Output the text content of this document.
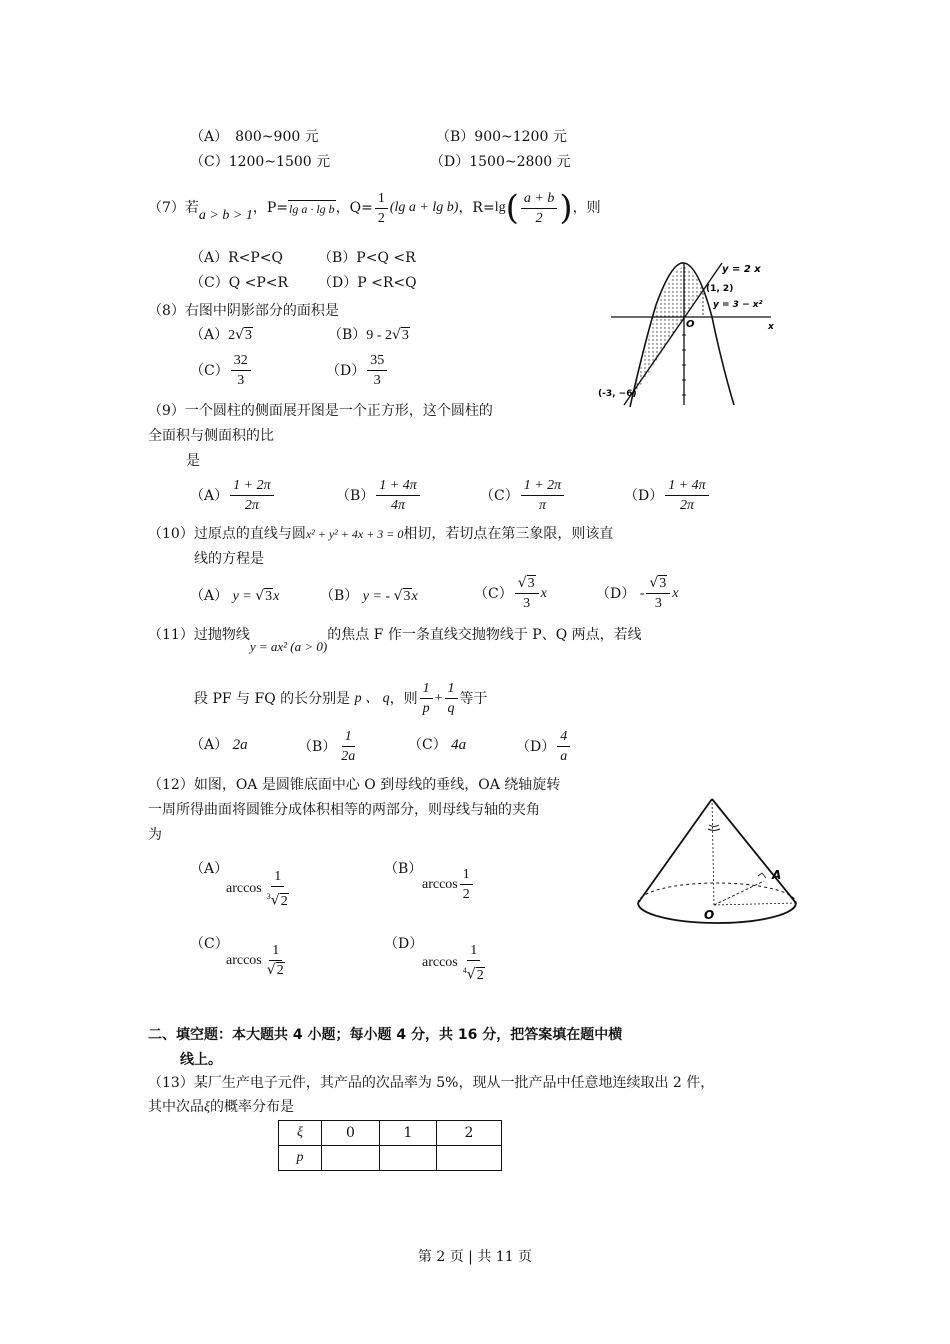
（A）　800~900 元	（B）900~1200 元
（C）1200~1500 元	（D）1500~2800 元
（7）若 a > b > 1 ，P= lg a · lg b ，$Q= \frac{1}{2} (\lg$ a + lg b) ，R= lg ( $\frac{a + b}{2}$ ) ，则
（A）R<P<Q （B）P<Q <R
（C）Q <P<R （D）P <R<Q
（8）右图中阴影部分的面积是
（A）2√3	（B）9 - 2√3
$(C) \frac{32}{3}$	$(D) \frac{35}{3}$
y = 2 x
(1, 2)
y = 3 − x²
x
O
(-3, −6)
（9）一个圆柱的侧面展开图是一个正方形，这个圆柱的
全面积与侧面积的比
是
$(A) \frac{1 + 2\pi}{2\pi}$	$(B) \frac{1 + 4\pi}{4\pi}$	$(C) \frac{1 + 2\pi}{\pi}$	$(D) \frac{1 + 4\pi}{2\pi}$
（10）过原点的直线与圆x² + y² + 4x + 3 = 0相切，若切点在第三象限，则该直
线的方程是
（A） y = √3x	（B） y = - √3x	$(C) \frac{√3}{3}$ x	（D）
- $\frac{√3}{3}$ x
（11）过抛物线y = ax² (a > 0)的焦点 F 作一条直线交抛物线于 P、Q 两点，若线
段 PF 与 FQ 的长分别是
p 、 q ，则 $\frac{1}{p} + \frac{1}{q}$ 等于
（A） 2a	$(B) \frac{1}{2a}$	（C） 4a	$(D) \frac{4}{a}$
（12）如图，OA 是圆锥底面中心 O 到母线的垂线，OA 绕轴旋转
一周所得曲面将圆锥分成体积相等的两部分，则母线与轴的夹角
为
（A）
$\arccos \frac{1}{^3√2}$	（B）
$\arccos \frac{1}{2}$
（C）
$\arccos \frac{1}{√2}$	（D）
$\arccos \frac{1}{^4√2}$
A
O
二、填空题：本大题共 4 小题；每小题 4 分，共 16 分，把答案填在题中横
线上。
（13）某厂生产电子元件，其产品的次品率为 5%，现从一批产品中任意地连续取出 2 件，
其中次品ξ的概率分布是
ξ	0	1	2
p			
第 2 页 | 共 11 页
